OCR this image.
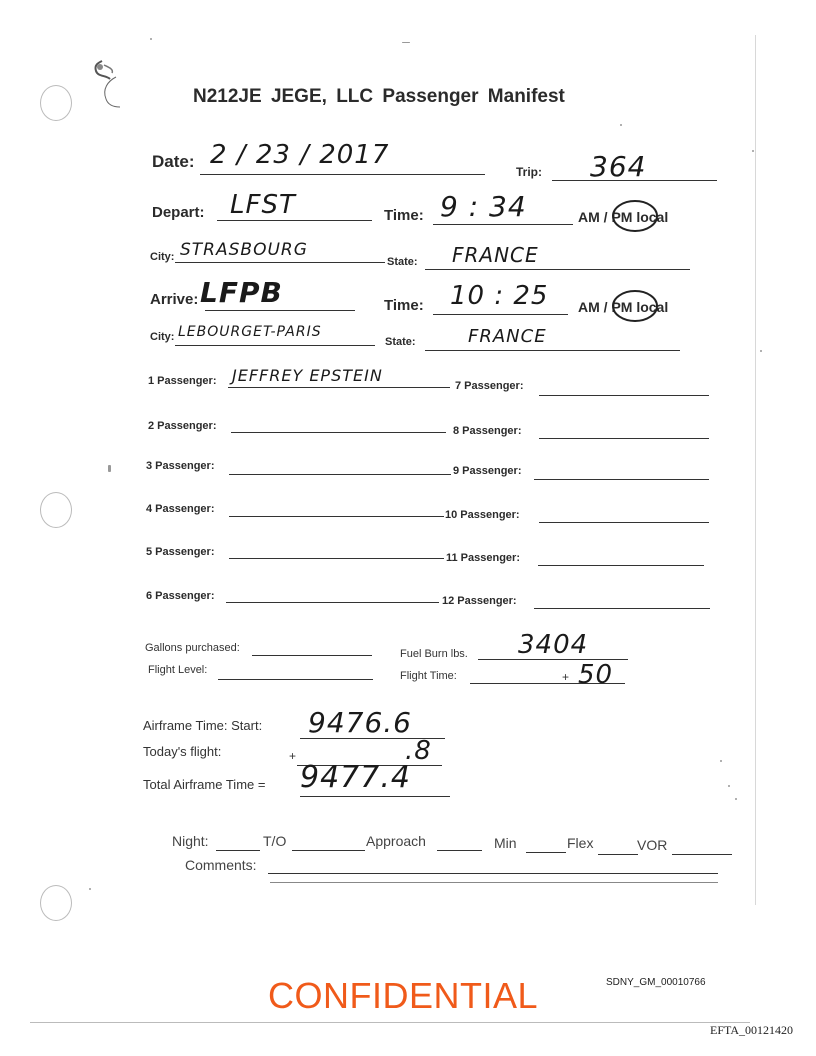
N212JE JEGE, LLC Passenger Manifest
Date: 2 / 23 / 2017
Trip: 364
Depart: LFST	Time: 9 : 34	AM / PM local
City: STRASBOURG
State: FRANCE
Arrive: LFPB	Time: 10 : 25 AM / PM local
City: LEBOURGET-PARIS
State:	FRANCE
1 Passenger: JEFFREY EPSTEIN
2 Passenger:
3 Passenger:
4 Passenger:
5 Passenger:
6 Passenger:
7 Passenger:
8 Passenger:
9 Passenger:
10 Passenger:
11 Passenger:
12 Passenger:
Gallons purchased:	Fuel Burn lbs. 3404
Flight Level:	Flight Time:	+ 50
Airframe Time: Start: 9476.6
Today's flight:	+	.8
Total Airframe Time = 9477.4
Night:	T/O	Approach	Min	Flex	VOR
Comments:
SDNY_GM_00010766
CONFIDENTIAL
EFTA_00121420
